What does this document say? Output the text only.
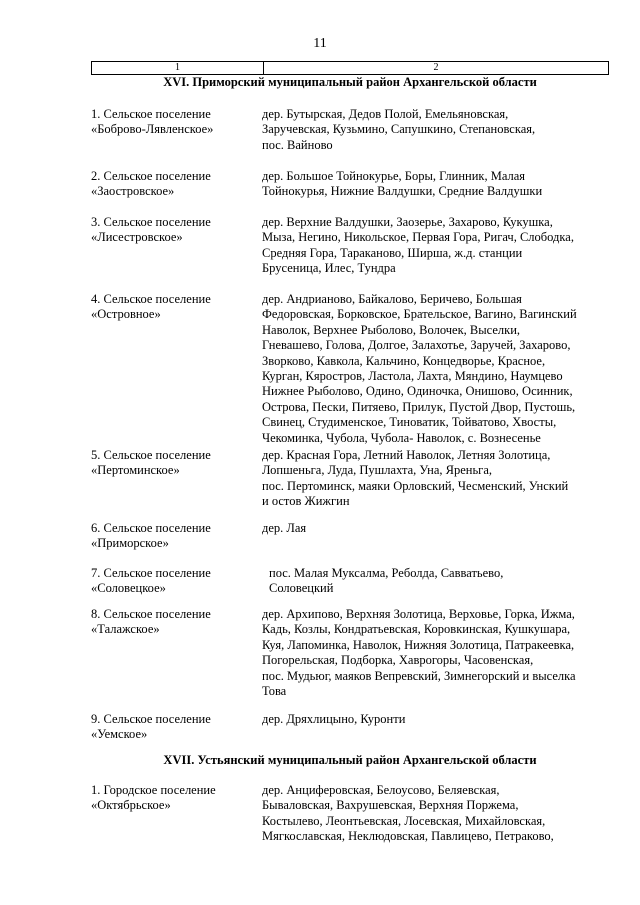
11
1	2
XVI. Приморский муниципальный район Архангельской области
1. Сельское поселение
«Боброво-Лявленское»
дер. Бутырская, Дедов Полой, Емельяновская,
Заручевская, Кузьмино, Сапушкино, Степановская,
пос. Вайново
2. Сельское поселение
«Заостровское»
дер. Большое Тойнокурье, Боры, Глинник, Малая
Тойнокурья, Нижние Валдушки, Средние Валдушки
3. Сельское поселение
«Лисестровское»
дер. Верхние Валдушки, Заозерье, Захарово, Кукушка,
Мыза, Негино, Никольское, Первая Гора, Ригач, Слободка,
Средняя Гора, Тараканово, Ширша, ж.д. станции
Брусеница, Илес, Тундра
4. Сельское поселение
«Островное»
дер. Андрианово, Байкалово, Беричево, Большая
Федоровская, Борковское, Брательское, Вагино, Вагинский
Наволок, Верхнее Рыболово, Волочек, Выселки,
Гневашево, Голова, Долгое, Залахотье, Заручей, Захарово,
Зворково, Кавкола, Кальчино, Концедворье, Красное,
Курган, Кяростров, Ластола, Лахта, Мяндино, Наумцево
Нижнее Рыболово, Одино, Одиночка, Онишово, Осинник,
Острова, Пески, Питяево, Прилук, Пустой Двор, Пустошь,
Свинец, Студименское, Тиноватик, Тойватово, Хвосты,
Чекоминка, Чубола, Чубола- Наволок, с. Вознесенье
5. Сельское поселение
«Пертоминское»
дер. Красная Гора, Летний Наволок, Летняя Золотица,
Лопшеньга, Луда, Пушлахта, Уна, Яреньга,
пос. Пертоминск, маяки Орловский, Чесменский, Унский
и остов Жижгин
6. Сельское поселение
«Приморское»
дер. Лая
7. Сельское поселение
«Соловецкое»
пос. Малая Муксалма, Реболда, Савватьево,
Соловецкий
8. Сельское поселение
«Талажское»
дер. Архипово, Верхняя Золотица, Верховье, Горка, Ижма,
Кадь, Козлы, Кондратьевская, Коровкинская, Кушкушара,
Куя, Лапоминка, Наволок, Нижняя Золотица, Патракеевка,
Погорельская, Подборка, Хаврогоры, Часовенская,
пос. Мудьюг, маяков Вепревский, Зимнегорский и выселка
Това
9. Сельское поселение
«Уемское»
дер. Дряхлицыно, Куронти
XVII. Устьянский муниципальный район Архангельской области
1. Городское поселение
«Октябрьское»
дер. Анциферовская, Белоусово, Беляевская,
Бываловская, Вахрушевская, Верхняя Поржема,
Костылево, Леонтьевская, Лосевская, Михайловская,
Мягкославская, Неклюдовская, Павлицево, Петраково,
